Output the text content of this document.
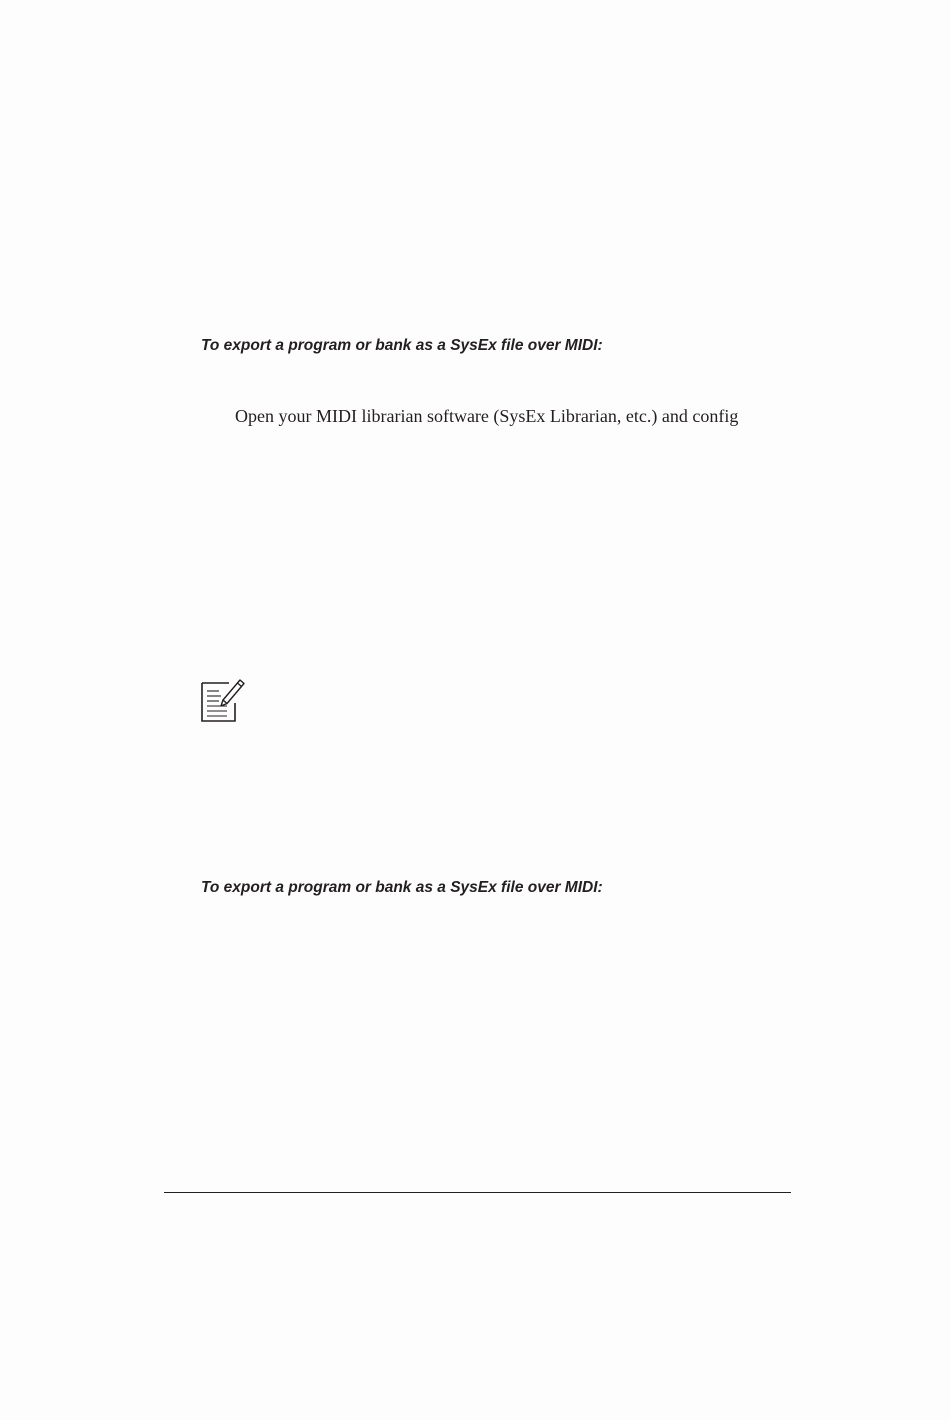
To export a program or bank as a SysEx file over MIDI:

Open your MIDI librarian software (SysEx Librarian, etc.) and config

To export a program or bank as a SysEx file over MIDI:
